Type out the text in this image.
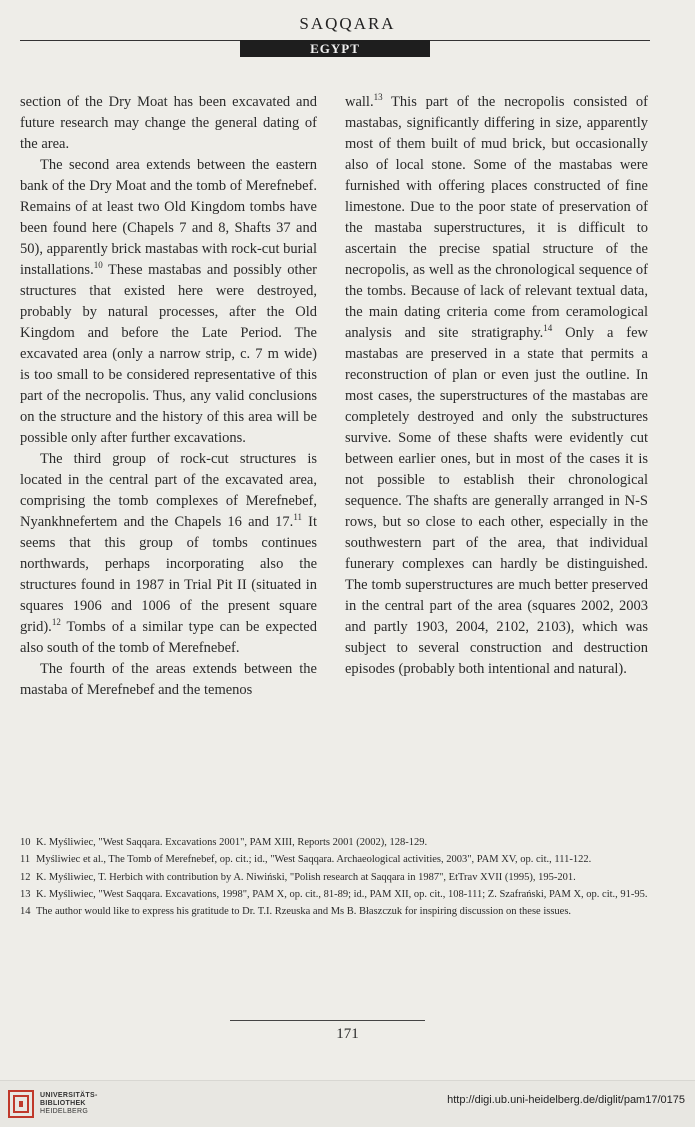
SAQQARA
EGYPT

section of the Dry Moat has been excavated and future research may change the general dating of the area.

The second area extends between the eastern bank of the Dry Moat and the tomb of Merefnebef. Remains of at least two Old Kingdom tombs have been found here (Chapels 7 and 8, Shafts 37 and 50), apparently brick mastabas with rock-cut burial installations.$^{10}$ These mastabas and possibly other structures that existed here were destroyed, probably by natural processes, after the Old Kingdom and before the Late Period. The excavated area (only a narrow strip, c. 7 m wide) is too small to be considered representative of this part of the necropolis. Thus, any valid conclusions on the structure and the history of this area will be possible only after further excavations.

The third group of rock-cut structures is located in the central part of the excavated area, comprising the tomb complexes of Merefnebef, Nyankhnefertem and the Chapels 16 and 17.11 It seems that this group of tombs continues northwards, perhaps incorporating also the structures found in 1987 in Trial Pit II (situated in squares 1906 and 1006 of the present square grid).$^{12}$ Tombs of a similar type can be expected also south of the tomb of Merefnebef.

The fourth of the areas extends between the mastaba of Merefnebef and the temenos

wall.$^{13}$ This part of the necropolis consisted of mastabas, significantly differing in size, apparently most of them built of mud brick, but occasionally also of local stone. Some of the mastabas were furnished with offering places constructed of fine limestone. Due to the poor state of preservation of the mastaba superstructures, it is difficult to ascertain the precise spatial structure of the necropolis, as well as the chronological sequence of the tombs. Because of lack of relevant textual data, the main dating criteria come from ceramological analysis and site stratigraphy.$^{14}$ Only a few mastabas are preserved in a state that permits a reconstruction of plan or even just the outline. In most cases, the superstructures of the mastabas are completely destroyed and only the substructures survive. Some of these shafts were evidently cut between earlier ones, but in most of the cases it is not possible to establish their chronological sequence. The shafts are generally arranged in N-S rows, but so close to each other, especially in the southwestern part of the area, that individual funerary complexes can hardly be distinguished. The tomb superstructures are much better preserved in the central part of the area (squares 2002, 2003 and partly 1903, 2004, 2102, 2103), which was subject to several construction and destruction episodes (probably both intentional and natural).

10 K. Myśliwiec, "West Saqqara. Excavations 2001", PAM XIII, Reports 2001 (2002), 128-129.
11 Myśliwiec et al., The Tomb of Merefnebef, op. cit.; id., "West Saqqara. Archaeological activities, 2003", PAM XV, op. cit., 111-122.
12 K. Myśliwiec, T. Herbich with contribution by A. Niwiński, "Polish research at Saqqara in 1987", EtTrav XVII (1995), 195-201.
13 K. Myśliwiec, "West Saqqara. Excavations, 1998", PAM X, op. cit., 81-89; id., PAM XII, op. cit., 108-111; Z. Szafrański, PAM X, op. cit., 91-95.
14 The author would like to express his gratitude to Dr. T.I. Rzeuska and Ms B. Błaszczuk for inspiring discussion on these issues.
171
UNIVERSITÄTS-
BIBLIOTHEK
HEIDELBERG
http://digi.ub.uni-heidelberg.de/diglit/pam17/0175
